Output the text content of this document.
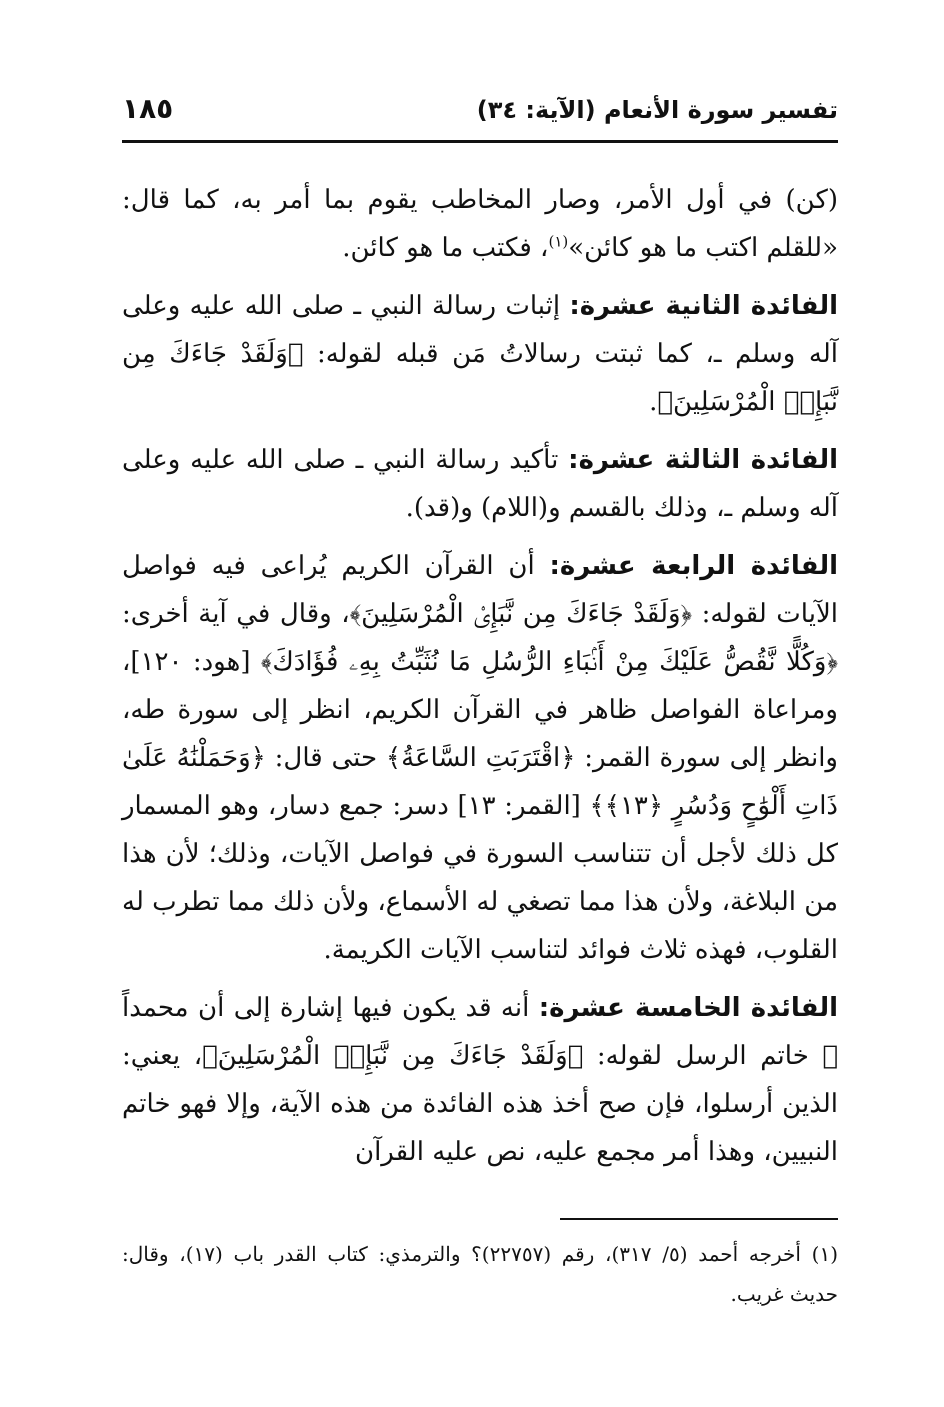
تفسير سورة الأنعام (الآية: ٣٤)
١٨٥

(كن) في أول الأمر، وصار المخاطب يقوم بما أمر به، كما قال: «للقلم اكتب ما هو كائن»$^{(١)}$، فكتب ما هو كائن.

الفائدة الثانية عشرة: إثبات رسالة النبي ـ صلى الله عليه وعلى آله وسلم ـ، كما ثبتت رسالاتُ مَن قبله لقوله: ﴿وَلَقَدْ جَاءَكَ مِن نَّبَإِى۟ الْمُرْسَلِينَ﴾.

الفائدة الثالثة عشرة: تأكيد رسالة النبي ـ صلى الله عليه وعلى آله وسلم ـ، وذلك بالقسم و(اللام) و(قد).

الفائدة الرابعة عشرة: أن القرآن الكريم يُراعى فيه فواصل الآيات لقوله: ﴿وَلَقَدْ جَاءَكَ مِن نَّبَإِى۟ الْمُرْسَلِينَ﴾، وقال في آية أخرى: ﴿وَكُلًّا نَّقُصُّ عَلَيْكَ مِنْ أَنۢبَاءِ الرُّسُلِ مَا نُثَبِّتُ بِهِۦ فُؤَادَكَ﴾ [هود: ١٢٠]، ومراعاة الفواصل ظاهر في القرآن الكريم، انظر إلى سورة طه، وانظر إلى سورة القمر: ﴿اقْتَرَبَتِ السَّاعَةُ﴾ حتى قال: ﴿وَحَمَلْنَٰهُ عَلَىٰ ذَاتِ أَلْوَٰحٍ وَدُسُرٍ ﴿١٣﴾﴾ [القمر: ١٣] دسر: جمع دسار، وهو المسمار كل ذلك لأجل أن تتناسب السورة في فواصل الآيات، وذلك؛ لأن هذا من البلاغة، ولأن هذا مما تصغي له الأسماع، ولأن ذلك مما تطرب له القلوب، فهذه ثلاث فوائد لتناسب الآيات الكريمة.

الفائدة الخامسة عشرة: أنه قد يكون فيها إشارة إلى أن محمداً ﷺ خاتم الرسل لقوله: ﴿وَلَقَدْ جَاءَكَ مِن نَّبَإِى۟ الْمُرْسَلِينَ﴾، يعني: الذين أرسلوا، فإن صح أخذ هذه الفائدة من هذه الآية، وإلا فهو خاتم النبيين، وهذا أمر مجمع عليه، نص عليه القرآن

(١) أخرجه أحمد (٥/ ٣١٧)، رقم (٢٢٧٥٧)؟ والترمذي: كتاب القدر باب (١٧)، وقال: حديث غريب.
